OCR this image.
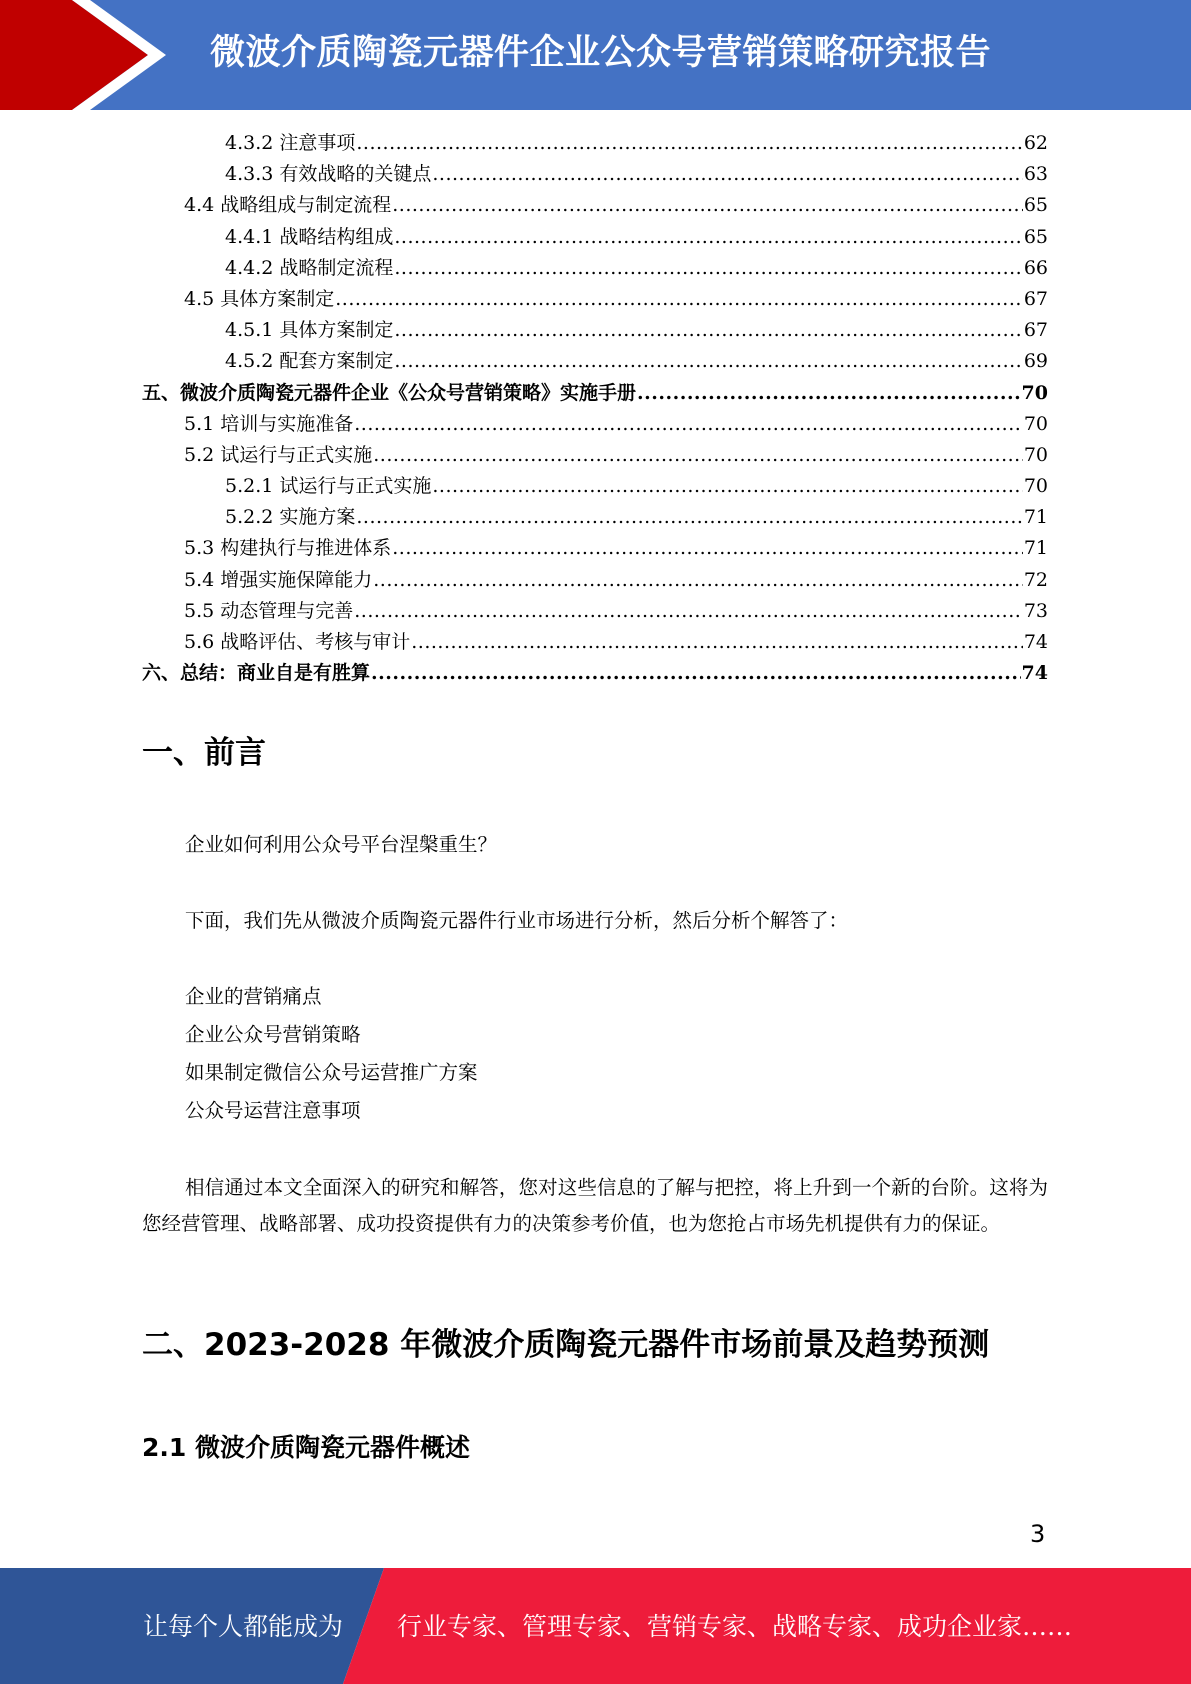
微波介质陶瓷元器件企业公众号营销策略研究报告
4.3.2 注意事项 .....	62
4.3.3 有效战略的关键点 .....	63
4.4 战略组成与制定流程 .....	65
4.4.1 战略结构组成 .....	65
4.4.2 战略制定流程 .....	66
4.5 具体方案制定 .....	67
4.5.1 具体方案制定 .....	67
4.5.2 配套方案制定 .....	69
五、微波介质陶瓷元器件企业《公众号营销策略》实施手册 .....	70
5.1 培训与实施准备 .....	70
5.2 试运行与正式实施 .....	70
5.2.1 试运行与正式实施 .....	70
5.2.2 实施方案 .....	71
5.3 构建执行与推进体系 .....	71
5.4 增强实施保障能力 .....	72
5.5 动态管理与完善 .....	73
5.6 战略评估、考核与审计 .....	74
六、总结：商业自是有胜算 .....	74
一、前言
企业如何利用公众号平台涅槃重生？
下面，我们先从微波介质陶瓷元器件行业市场进行分析，然后分析个解答了：
企业的营销痛点
企业公众号营销策略
如果制定微信公众号运营推广方案
公众号运营注意事项
相信通过本文全面深入的研究和解答，您对这些信息的了解与把控，将上升到一个新的台阶。这将为您经营管理、战略部署、成功投资提供有力的决策参考价值，也为您抢占市场先机提供有力的保证。
二、2023-2028 年微波介质陶瓷元器件市场前景及趋势预测
2.1 微波介质陶瓷元器件概述
3
让每个人都能成为 行业专家、管理专家、营销专家、战略专家、成功企业家……
